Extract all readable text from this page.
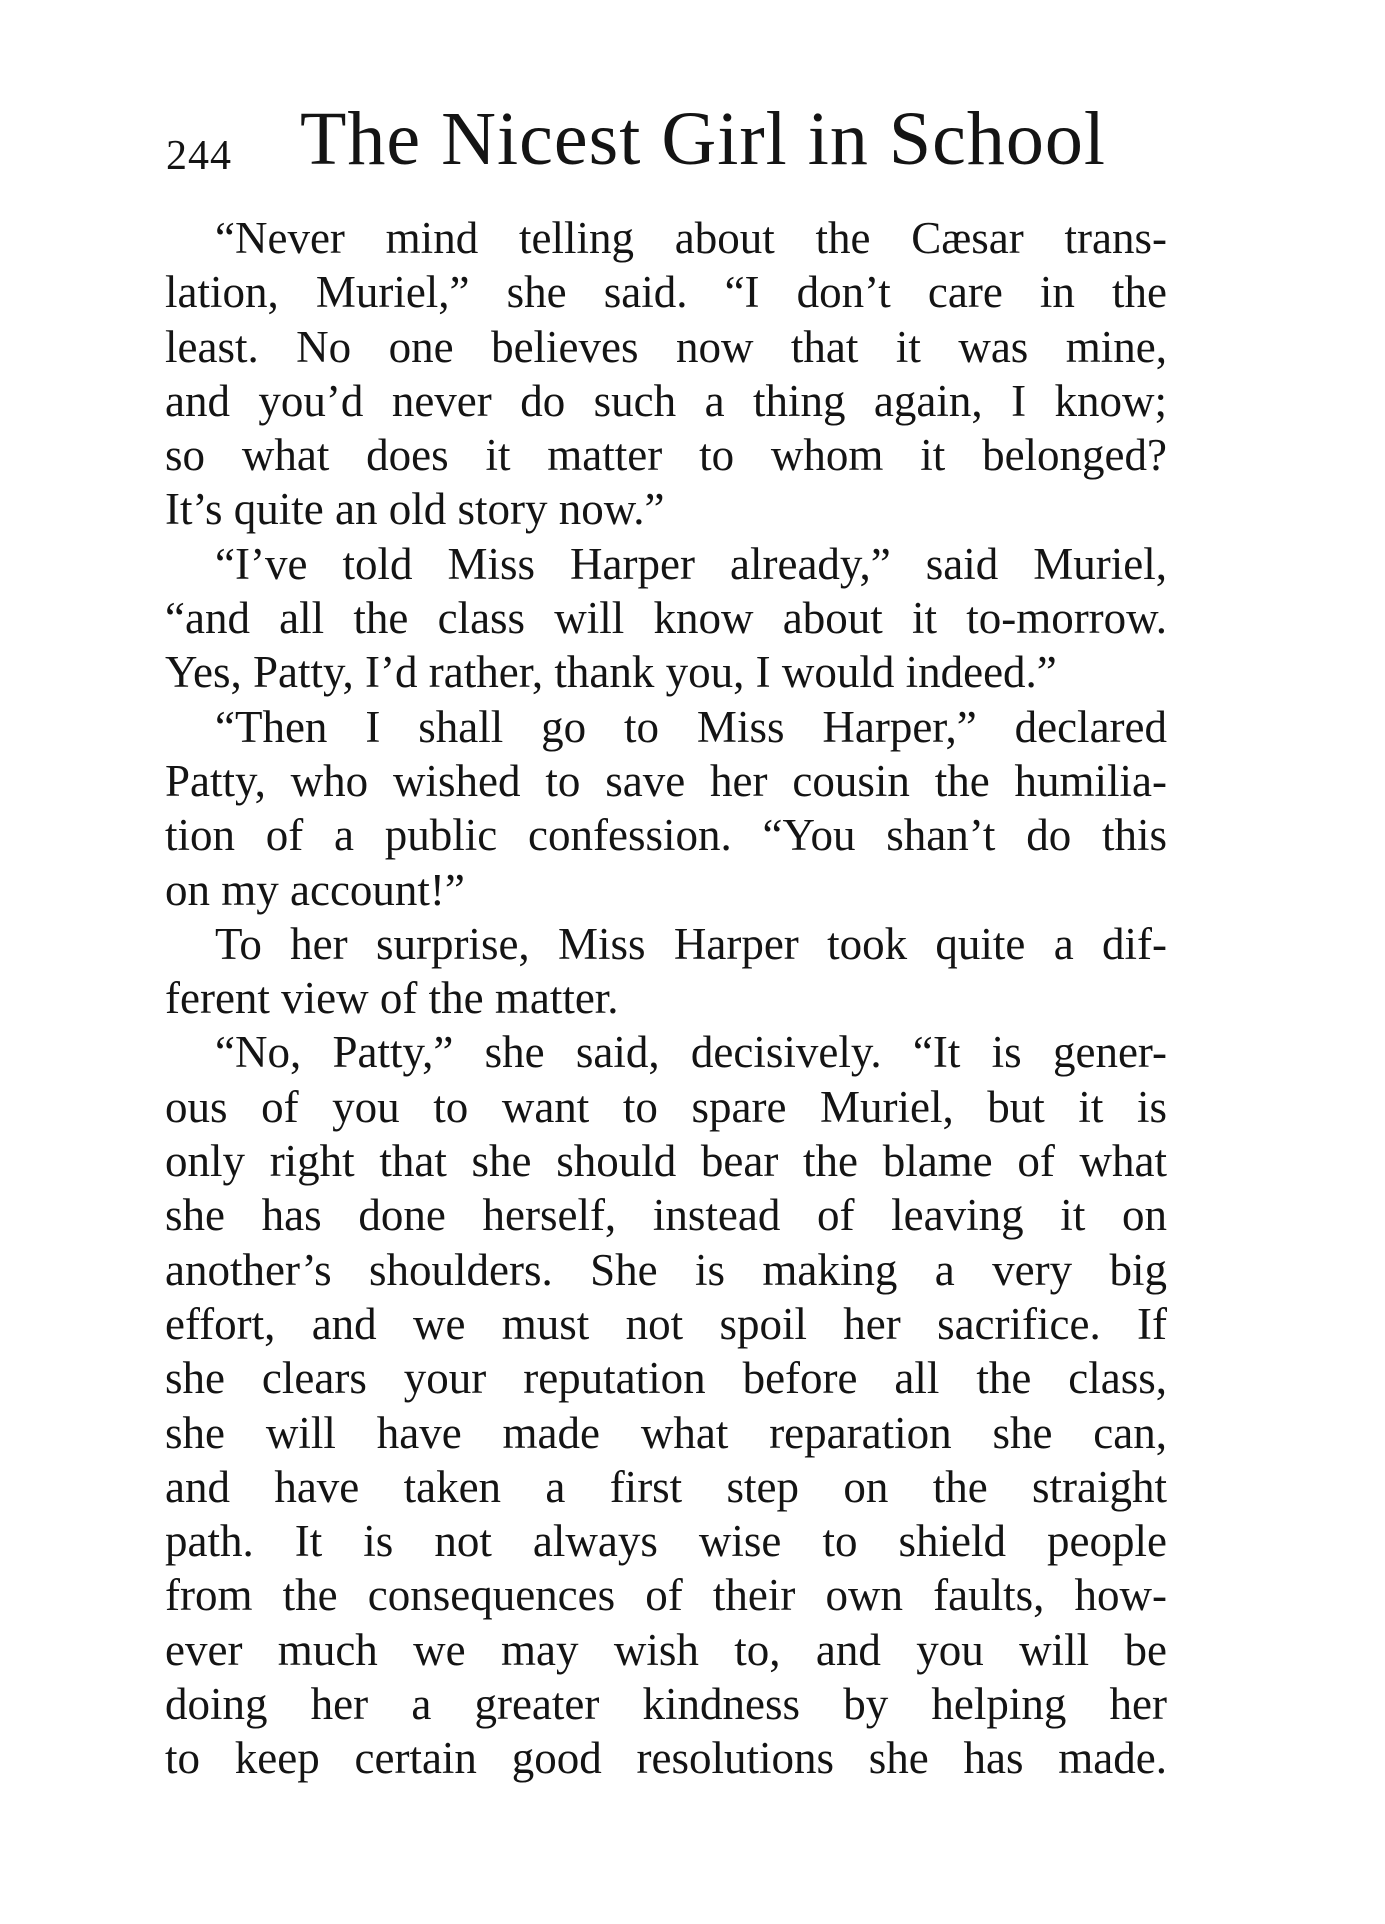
244 The Nicest Girl in School
“Never mind telling about the Cæsar trans-
lation, Muriel,” she said. “I don’t care in the
least. No one believes now that it was mine,
and you’d never do such a thing again, I know;
so what does it matter to whom it belonged?
It’s quite an old story now.”
“I’ve told Miss Harper already,” said Muriel,
“and all the class will know about it to-morrow.
Yes, Patty, I’d rather, thank you, I would indeed.”
“Then I shall go to Miss Harper,” declared
Patty, who wished to save her cousin the humilia-
tion of a public confession. “You shan’t do this
on my account!”
To her surprise, Miss Harper took quite a dif-
ferent view of the matter.
“No, Patty,” she said, decisively. “It is gener-
ous of you to want to spare Muriel, but it is
only right that she should bear the blame of what
she has done herself, instead of leaving it on
another’s shoulders. She is making a very big
effort, and we must not spoil her sacrifice. If
she clears your reputation before all the class,
she will have made what reparation she can,
and have taken a first step on the straight
path. It is not always wise to shield people
from the consequences of their own faults, how-
ever much we may wish to, and you will be
doing her a greater kindness by helping her
to keep certain good resolutions she has made.
